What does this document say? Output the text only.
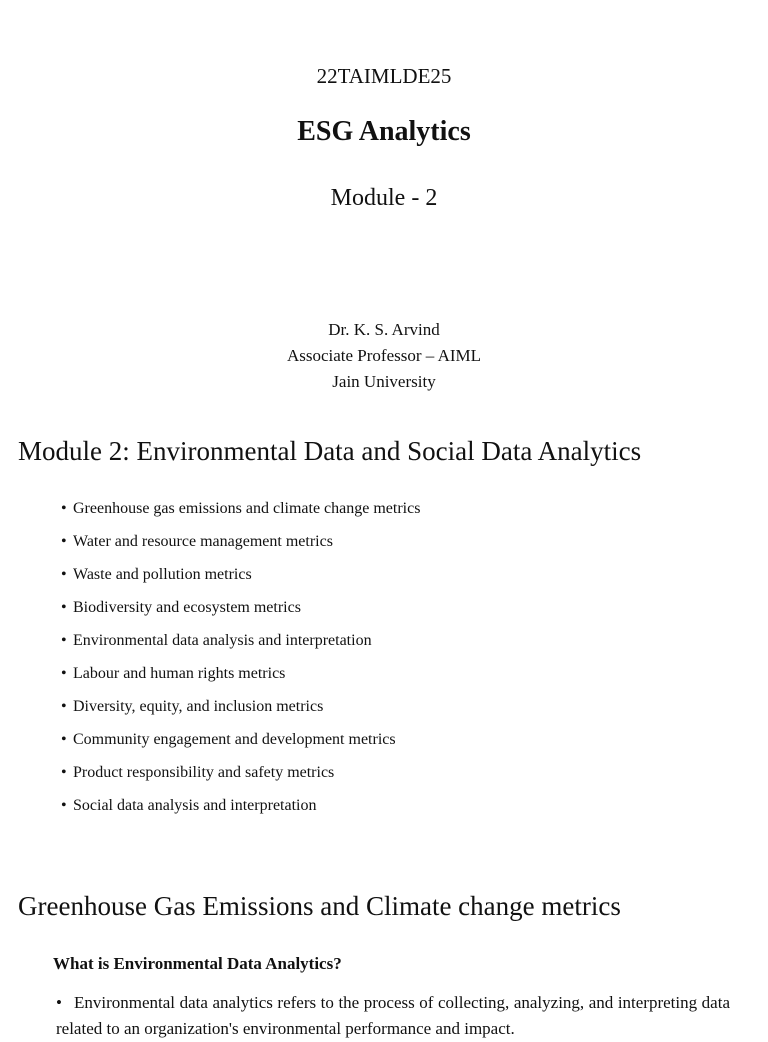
22TAIMLDE25
ESG Analytics
Module - 2
Dr. K. S. Arvind
Associate Professor – AIML
Jain University
Module 2: Environmental Data and Social Data Analytics
• Greenhouse gas emissions and climate change metrics
• Water and resource management metrics
• Waste and pollution metrics
• Biodiversity and ecosystem metrics
• Environmental data analysis and interpretation
• Labour and human rights metrics
• Diversity, equity, and inclusion metrics
• Community engagement and development metrics
• Product responsibility and safety metrics
• Social data analysis and interpretation
Greenhouse Gas Emissions and Climate change metrics
What is Environmental Data Analytics?
• Environmental data analytics refers to the process of collecting, analyzing, and interpreting data related to an organization's environmental performance and impact.
